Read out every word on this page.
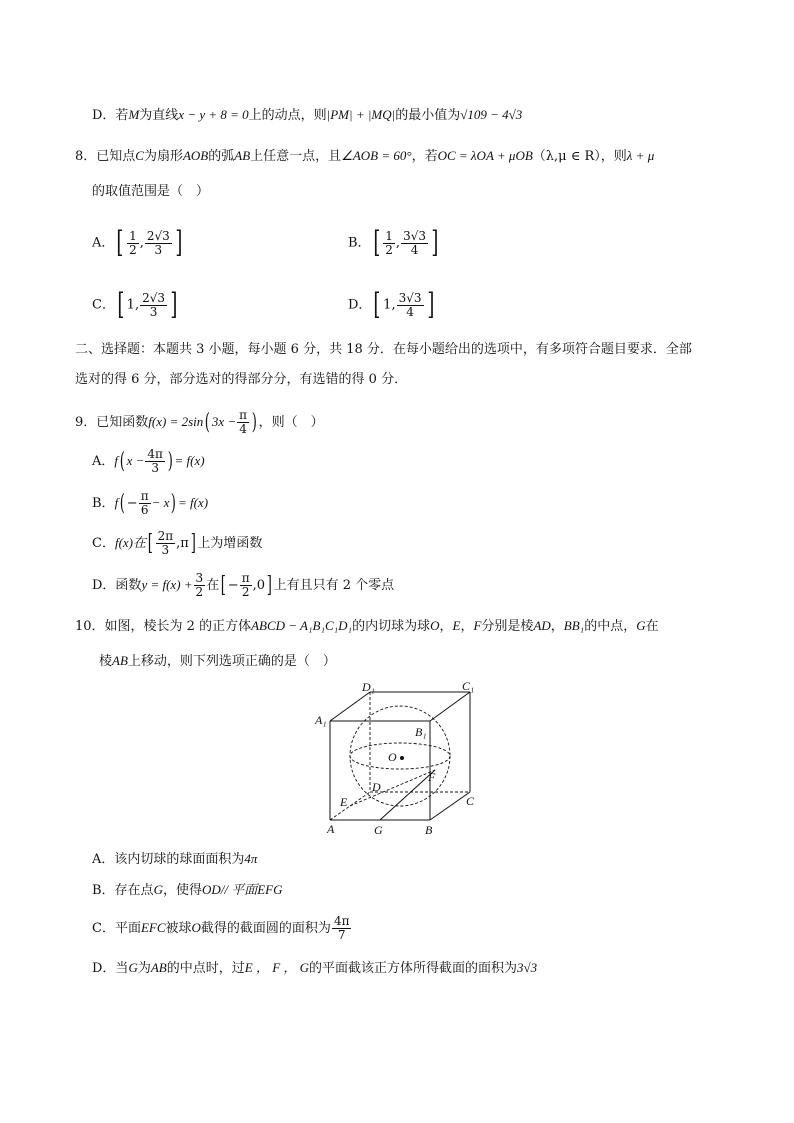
D．若M为直线x − y + 8 = 0上的动点，则|PM| + |MQ|的最小值为√109 − 4√3
8．已知点C为扇形AOB的弧AB上任意一点，且∠AOB = 60°，若OC = λOA + μOB（λ,μ ∈ R），则λ + μ
的取值范围是（　）
A．[ $\frac{1}{2}$ , $\frac{2√3}{3}$ ]	B．[ $\frac{1}{2}$ , $\frac{3√3}{4}$ ]
C．[ 1, $\frac{2√3}{3}$ ]	D．[ 1, $\frac{3√3}{4}$ ]
二、选择题：本题共 3 小题，每小题 6 分，共 18 分．在每小题给出的选项中，有多项符合题目要求．全部
选对的得 6 分，部分选对的得部分分，有选错的得 0 分．
9．已知函数f(x) = 2sin( $3x - \frac{\pi}{4}$ ) ，则（　）
A．f( $x - \frac{4\pi}{3}$ ) = f(x)
B．$f( - \frac{\pi}{6} - x) = f(x)$
C．f(x)在[ $\frac{2\pi}{3} ,\pi$] 上为增函数
D．函数$y = f(x) + \frac{3}{2}$ 在[ − $\frac{\pi}{2} ,0$] 上有且只有 2 个零点
10．如图，棱长为 2 的正方体ABCD − A₁B₁C₁D₁的内切球为球O，E，F分别是棱AD，BB₁的中点，G在
棱AB上移动，则下列选项正确的是（　）
D₁	C₁
A₁
B₁
O
F
D
C
E
A	G	B
A．该内切球的球面面积为4π
B．存在点G，使得OD// 平面EFG
C．平面EFC被球O截得的截面圆的面积为 $\frac{4\pi}{7}$
D．当G为AB的中点时，过E ， F ， G的平面截该正方体所得截面的面积为3√3
